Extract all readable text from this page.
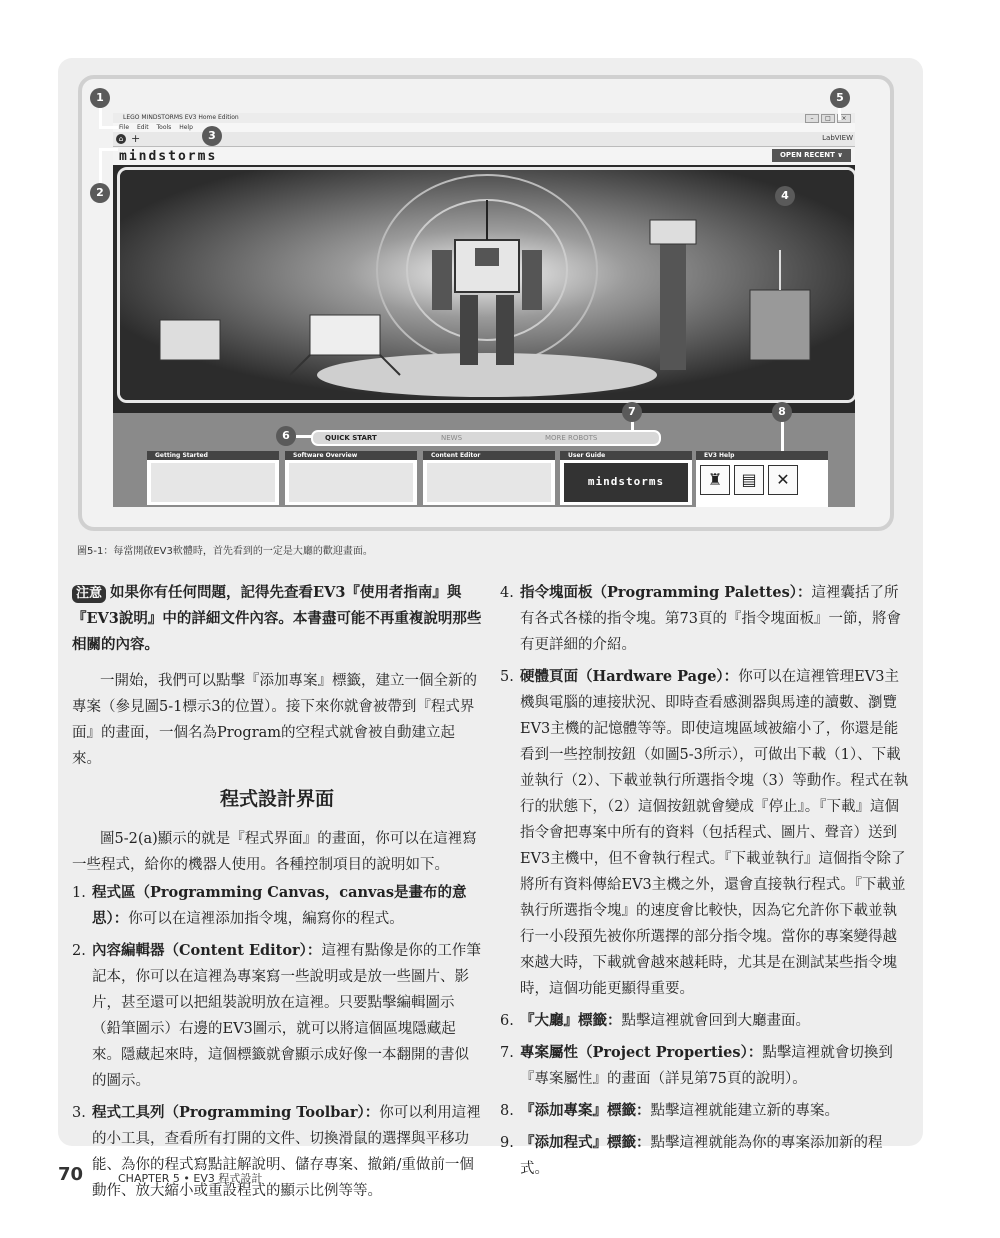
LEGO MINDSTORMS EV3 Home Edition	–	□	×
File Edit Tools Help
⌂ +	LabVIEW
mindstorms	OPEN RECENT ∨
QUICK START	NEWS	MORE ROBOTS
Getting Started	Software Overview	Content Editor	User Guide
mindstorms
EV3 Help
♜	▤	✕
1
2
3
4
5
6
7	8
圖5-1：每當開啟EV3軟體時，首先看到的一定是大廳的歡迎畫面。

注意 如果你有任何問題，記得先查看EV3『使用者指南』與『EV3說明』中的詳細文件內容。本書盡可能不再重複說明那些相關的內容。

一開始，我們可以點擊『添加專案』標籤，建立一個全新的專案（參見圖5-1標示3的位置）。接下來你就會被帶到『程式界面』的畫面，一個名為Program的空程式就會被自動建立起來。

程式設計界面

圖5-2(a)顯示的就是『程式界面』的畫面，你可以在這裡寫一些程式，給你的機器人使用。各種控制項目的說明如下。

1. 程式區（Programming Canvas，canvas是畫布的意思）：你可以在這裡添加指令塊，編寫你的程式。
2. 內容編輯器（Content Editor）：這裡有點像是你的工作筆記本，你可以在這裡為專案寫一些說明或是放一些圖片、影片，甚至還可以把組裝說明放在這裡。只要點擊編輯圖示（鉛筆圖示）右邊的EV3圖示，就可以將這個區塊隱藏起來。隱藏起來時，這個標籤就會顯示成好像一本翻開的書似的圖示。
3. 程式工具列（Programming Toolbar）：你可以利用這裡的小工具，查看所有打開的文件、切換滑鼠的選擇與平移功能、為你的程式寫點註解說明、儲存專案、撤銷/重做前一個動作、放大縮小或重設程式的顯示比例等等。
4. 指令塊面板（Programming Palettes）：這裡囊括了所有各式各樣的指令塊。第73頁的『指令塊面板』一節，將會有更詳細的介紹。
5. 硬體頁面（Hardware Page）：你可以在這裡管理EV3主機與電腦的連接狀況、即時查看感測器與馬達的讀數、瀏覽EV3主機的記憶體等等。即使這塊區域被縮小了，你還是能看到一些控制按鈕（如圖5-3所示），可做出下載（1）、下載並執行（2）、下載並執行所選指令塊（3）等動作。程式在執行的狀態下，（2）這個按鈕就會變成『停止』。『下載』這個指令會把專案中所有的資料（包括程式、圖片、聲音）送到EV3主機中，但不會執行程式。『下載並執行』這個指令除了將所有資料傳給EV3主機之外，還會直接執行程式。『下載並執行所選指令塊』的速度會比較快，因為它允許你下載並執行一小段預先被你所選擇的部分指令塊。當你的專案變得越來越大時，下載就會越來越耗時，尤其是在測試某些指令塊時，這個功能更顯得重要。
6. 『大廳』標籤：點擊這裡就會回到大廳畫面。
7. 專案屬性（Project Properties）：點擊這裡就會切換到『專案屬性』的畫面（詳見第75頁的說明）。
8. 『添加專案』標籤：點擊這裡就能建立新的專案。
9. 『添加程式』標籤：點擊這裡就能為你的專案添加新的程式。
70	CHAPTER 5 • EV3 程式設計
